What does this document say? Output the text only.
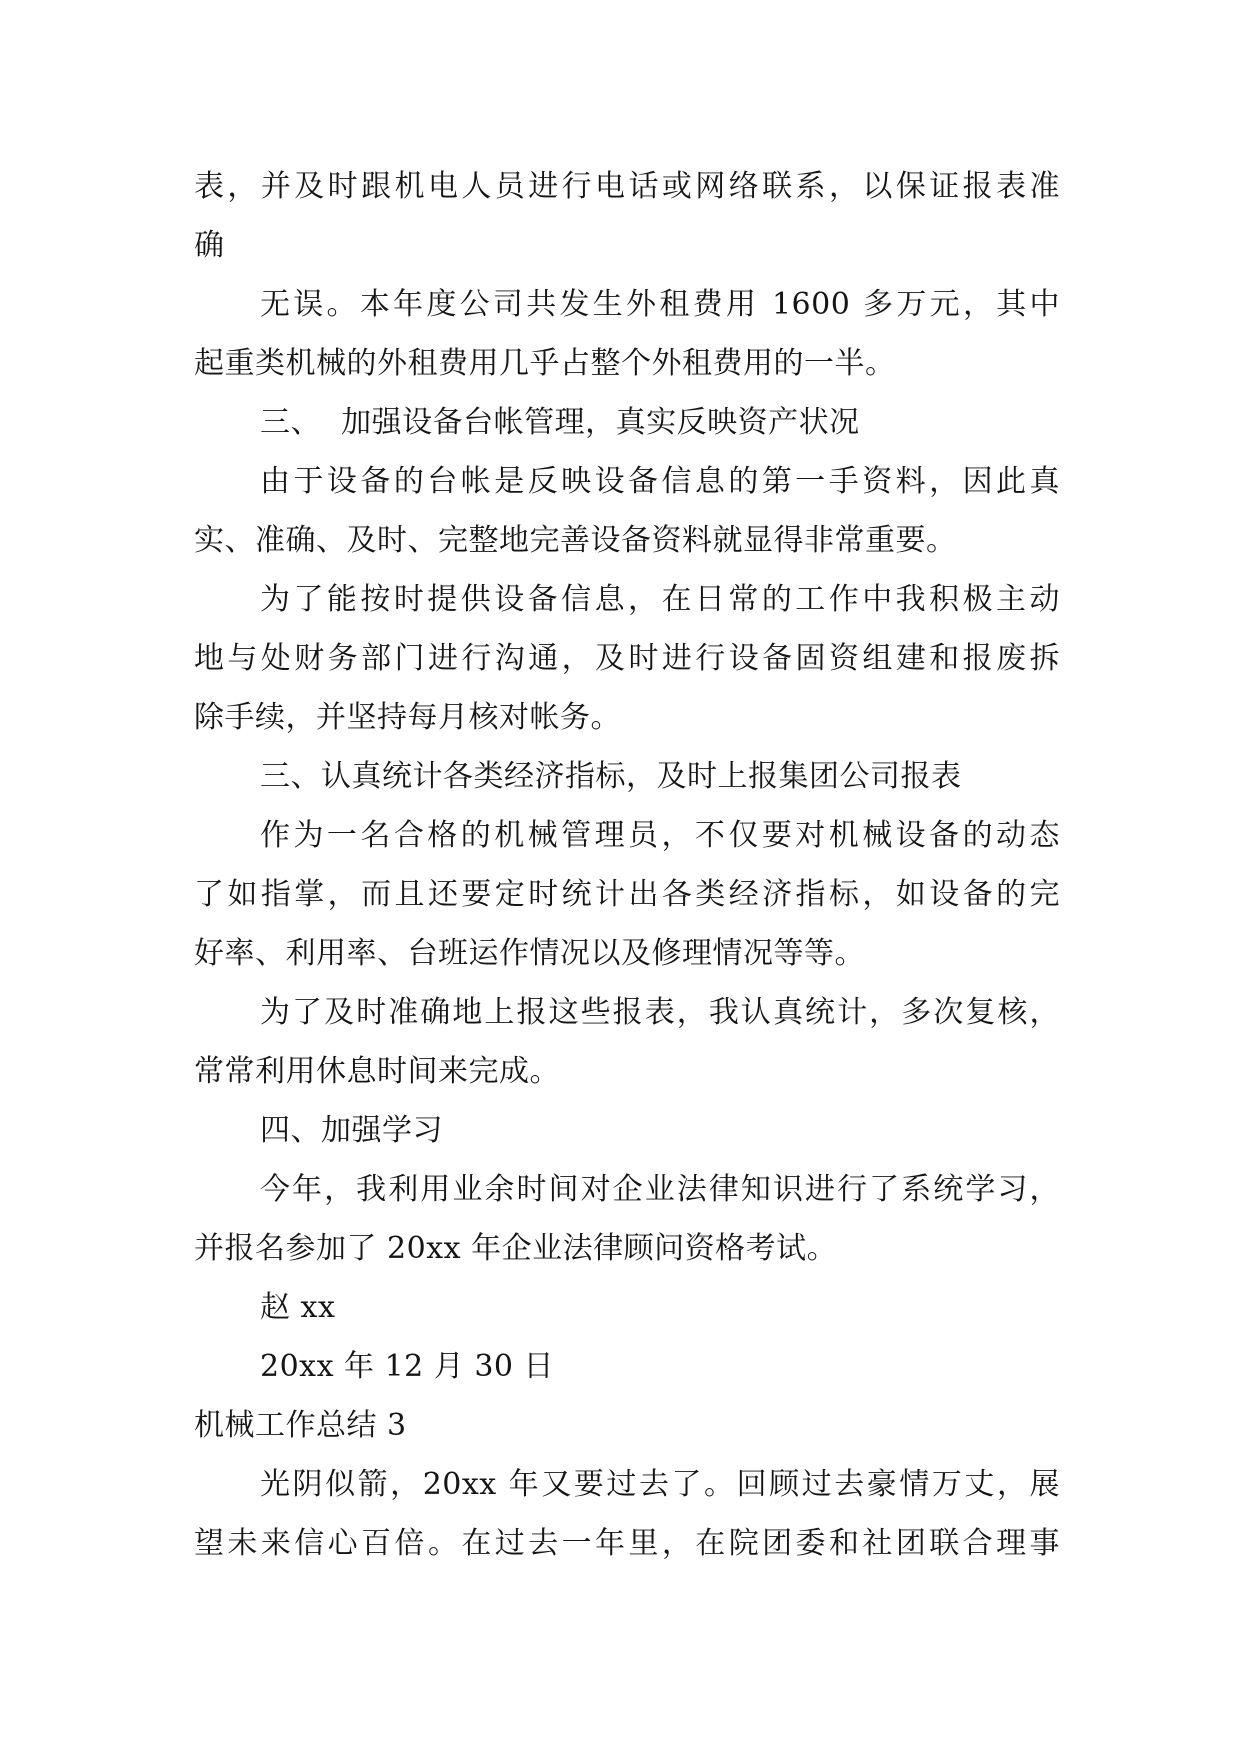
表，并及时跟机电人员进行电话或网络联系，以保证报表准
确
无误。本年度公司共发生外租费用 1600 多万元，其中
起重类机械的外租费用几乎占整个外租费用的一半。
三、  加强设备台帐管理，真实反映资产状况
由于设备的台帐是反映设备信息的第一手资料，因此真
实、准确、及时、完整地完善设备资料就显得非常重要。
为了能按时提供设备信息，在日常的工作中我积极主动
地与处财务部门进行沟通，及时进行设备固资组建和报废拆
除手续，并坚持每月核对帐务。
三、认真统计各类经济指标，及时上报集团公司报表
作为一名合格的机械管理员，不仅要对机械设备的动态
了如指掌，而且还要定时统计出各类经济指标，如设备的完
好率、利用率、台班运作情况以及修理情况等等。
为了及时准确地上报这些报表，我认真统计，多次复核，
常常利用休息时间来完成。
四、加强学习
今年，我利用业余时间对企业法律知识进行了系统学习，
并报名参加了 20xx 年企业法律顾问资格考试。
赵 xx
20xx 年 12 月 30 日
机械工作总结 3
光阴似箭，20xx 年又要过去了。回顾过去豪情万丈，展
望未来信心百倍。在过去一年里，在院团委和社团联合理事
